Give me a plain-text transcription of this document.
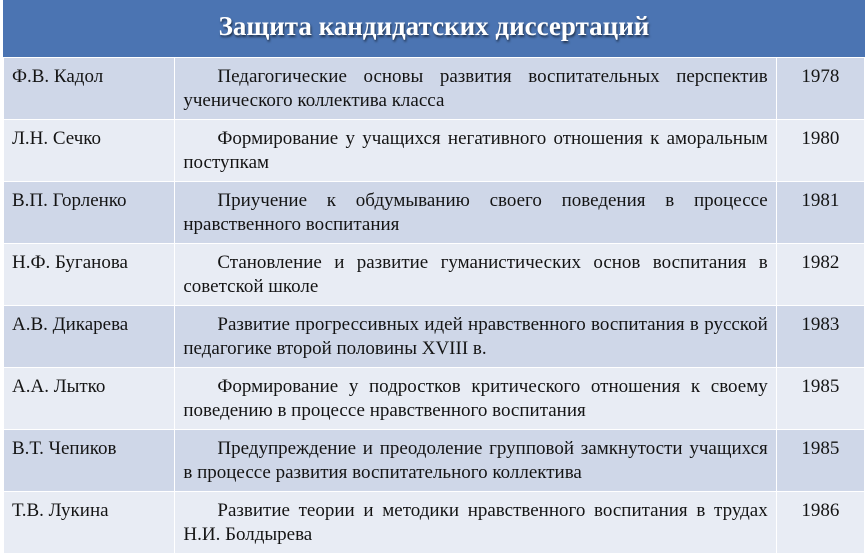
Защита кандидатских диссертаций
Ф.В. Кадол	Педагогические основы развития воспитательных перспектив ученического коллектива класса	1978
Л.Н. Сечко	Формирование у учащихся негативного отношения к аморальным поступкам	1980
В.П. Горленко	Приучение к обдумыванию своего поведения в процессе нравственного воспитания	1981
Н.Ф. Буганова	Становление и развитие гуманистических основ воспитания в советской школе	1982
А.В. Дикарева	Развитие прогрессивных идей нравственного воспитания в русской педагогике второй половины XVIII в.	1983
А.А. Лытко	Формирование у подростков критического отношения к своему поведению в процессе нравственного воспитания	1985
В.Т. Чепиков	Предупреждение и преодоление групповой замкнутости учащихся в процессе развития воспитательного коллектива	1985
Т.В. Лукина	Развитие теории и методики нравственного воспитания в трудах Н.И. Болдырева	1986
